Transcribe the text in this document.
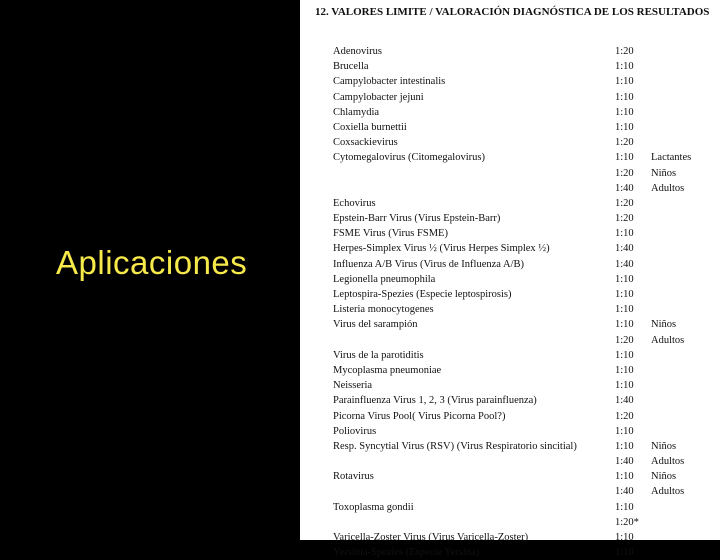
Aplicaciones
12. VALORES LIMITE / VALORACIÓN DIAGNÓSTICA DE LOS RESULTADOS
Adenovirus	1:20
Brucella	1:10
Campylobacter intestinalis	1:10
Campylobacter jejuni	1:10
Chlamydia	1:10
Coxiella burnettii	1:10
Coxsackievirus	1:20
Cytomegalovirus (Citomegalovirus)	1:10 Lactantes
1:20 Niños
1:40 Adultos
Echovirus	1:20
Epstein-Barr Virus (Virus Epstein-Barr)	1:20
FSME Virus (Virus FSME)	1:10
Herpes-Simplex Virus ½ (Virus Herpes Simplex ½)	1:40
Influenza A/B Virus (Virus de Influenza A/B)	1:40
Legionella pneumophila	1:10
Leptospira-Spezies (Especie leptospirosis)	1:10
Listeria monocytogenes	1:10
Virus del sarampión	1:10 Niños
1:20 Adultos
Virus de la parotiditis	1:10
Mycoplasma pneumoniae	1:10
Neisseria	1:10
Parainfluenza Virus 1, 2, 3 (Virus parainfluenza)	1:40
Picorna Virus Pool( Virus Picorna Pool?)	1:20
Poliovirus	1:10
Resp. Syncytial Virus (RSV) (Virus Respiratorio sincitial)	1:10 Niños
1:40 Adultos
Rotavirus	1:10 Niños
1:40 Adultos
Toxoplasma gondii	1:10
1:20*
Varicella-Zoster Virus (Virus Varicella-Zoster)	1:10
Yersinia-Spezies (Especie Yersina)	1:10
